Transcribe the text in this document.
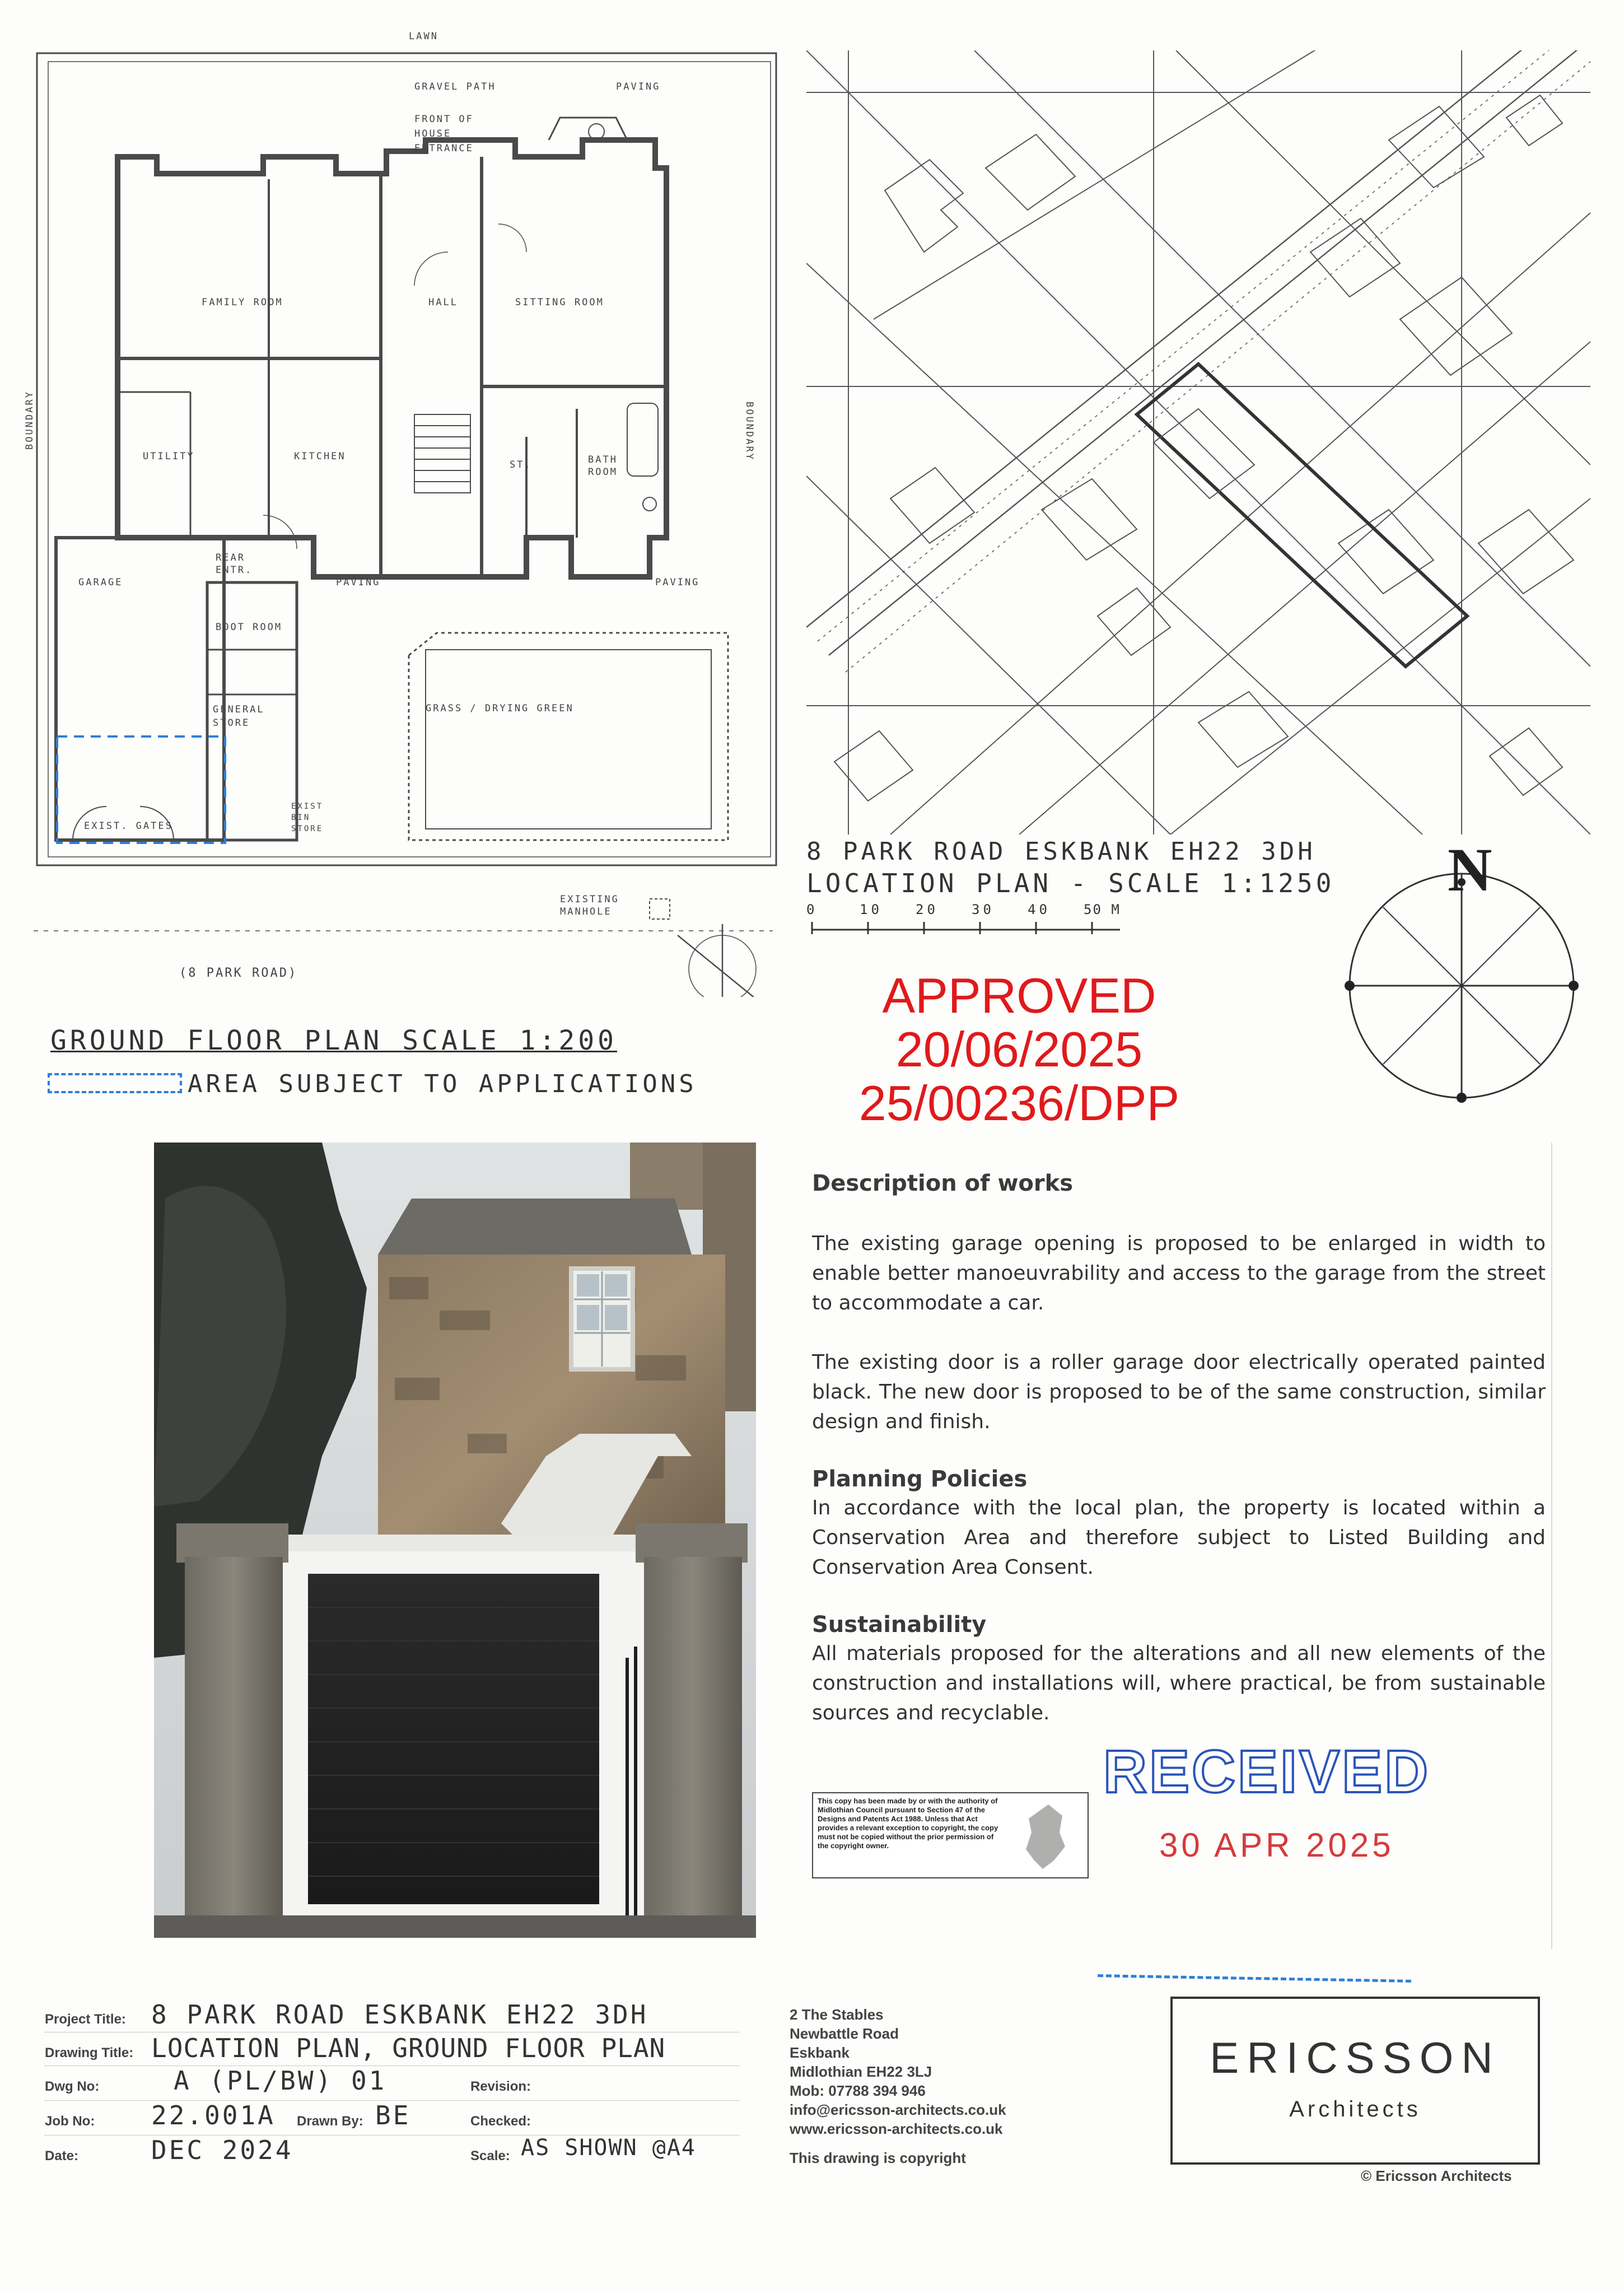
LAWN
GRAVEL PATH	PAVING
FRONT OF HOUSE ENTRANCE
FAMILY ROOM	HALL	SITTING ROOM
UTILITY	KITCHEN
ST.	BATH ROOM
GARAGE
REAR ENTR.
PAVING	PAVING
BOOT ROOM
GENERAL STORE
GRASS / DRYING GREEN
EXIST BIN STORE
EXIST. GATES
EXISTING MANHOLE
BOUNDARY	BOUNDARY
(8 PARK ROAD)
GROUND FLOOR PLAN SCALE 1:200
AREA SUBJECT TO APPLICATIONS
8 PARK ROAD ESKBANK EH22 3DH
LOCATION PLAN - SCALE 1:1250
0	10 20 30 40 50 M
N
APPROVED
20/06/2025
25/00236/DPP
Description of works

The existing garage opening is proposed to be enlarged in width to enable better manoeuvrability and access to the garage from the street to accommodate a car.

The existing door is a roller garage door electrically operated painted black. The new door is proposed to be of the same construction, similar design and finish.

Planning Policies

In accordance with the local plan, the property is located within a Conservation Area and therefore subject to Listed Building and Conservation Area Consent.

Sustainability

All materials proposed for the alterations and all new elements of the construction and installations will, where practical, be from sustainable sources and recyclable.

This copy has been made by or with the authority of Midlothian Council pursuant to Section 47 of the Designs and Patents Act 1988. Unless that Act provides a relevant exception to copyright, the copy must not be copied without the prior permission of the copyright owner.
RECEIVED
30 APR 2025
Project Title: 8 PARK ROAD ESKBANK EH22 3DH
Drawing Title: LOCATION PLAN, GROUND FLOOR PLAN
Dwg No:	A (PL/BW) 01	Revision:
Job No: 22.001A Drawn By: BE	Checked:
Date:	DEC 2024	Scale: AS SHOWN @A4
2 The Stables
Newbattle Road
Eskbank
Midlothian EH22 3LJ
Mob: 07788 394 946
info@ericsson-architects.co.uk
www.ericsson-architects.co.uk
This drawing is copyright
ERICSSON
Architects
© Ericsson Architects
